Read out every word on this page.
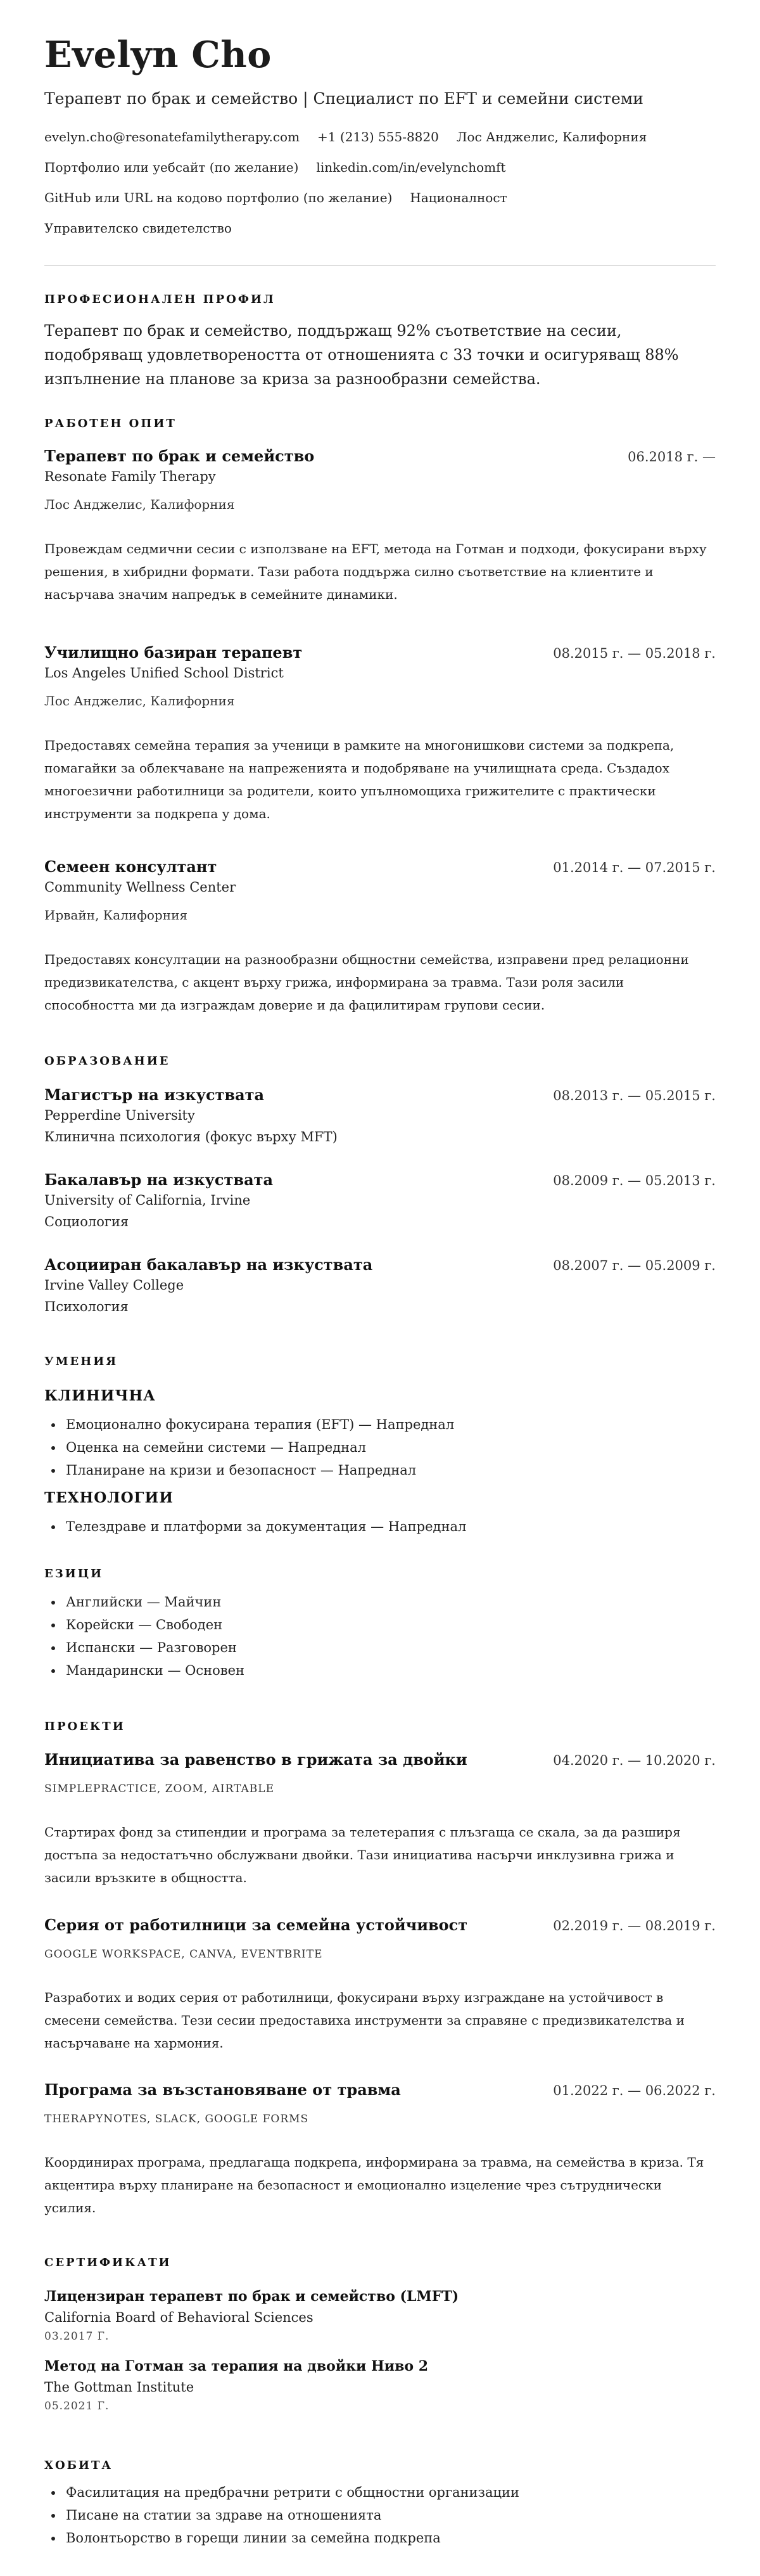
Evelyn Cho
Терапевт по брак и семейство | Специалист по EFT и семейни системи
evelyn.cho@resonatefamilytherapy.com +1 (213) 555-8820 Лос Анджелис, Калифорния
Портфолио или уебсайт (по желание) linkedin.com/in/evelynchomft
GitHub или URL на кодово портфолио (по желание) Националност
Управителско свидетелство
ПРОФЕСИОНАЛЕН ПРОФИЛ
Терапевт по брак и семейство, поддържащ 92% съответствие на сесии, подобряващ удовлетвореността от отношенията с 33 точки и осигуряващ 88% изпълнение на планове за криза за разнообразни семейства.
РАБОТЕН ОПИТ
Терапевт по брак и семейство	06.2018 г. —
Resonate Family Therapy
Лос Анджелис, Калифорния
Провеждам седмични сесии с използване на EFT, метода на Готман и подходи, фокусирани върху решения, в хибридни формати. Тази работа поддържа силно съответствие на клиентите и насърчава значим напредък в семейните динамики.
Училищно базиран терапевт	08.2015 г. — 05.2018 г.
Los Angeles Unified School District
Лос Анджелис, Калифорния
Предоставях семейна терапия за ученици в рамките на многонишкови системи за подкрепа, помагайки за облекчаване на напреженията и подобряване на училищната среда. Създадох многоезични работилници за родители, които упълномощиха грижителите с практически инструменти за подкрепа у дома.
Семеен консултант	01.2014 г. — 07.2015 г.
Community Wellness Center
Ирвайн, Калифорния
Предоставях консултации на разнообразни общностни семейства, изправени пред релационни предизвикателства, с акцент върху грижа, информирана за травма. Тази роля засили способността ми да изграждам доверие и да фацилитирам групови сесии.
ОБРАЗОВАНИЕ
Магистър на изкуствата	08.2013 г. — 05.2015 г.
Pepperdine University
Клинична психология (фокус върху MFT)
Бакалавър на изкуствата	08.2009 г. — 05.2013 г.
University of California, Irvine
Социология
Асоцииран бакалавър на изкуствата	08.2007 г. — 05.2009 г.
Irvine Valley College
Психология
УМЕНИЯ
КЛИНИЧНА
• Емоционално фокусирана терапия (EFT) — Напреднал
• Оценка на семейни системи — Напреднал
• Планиране на кризи и безопасност — Напреднал
ТЕХНОЛОГИИ
• Телездраве и платформи за документация — Напреднал
ЕЗИЦИ
• Английски — Майчин
• Корейски — Свободен
• Испански — Разговорен
• Мандарински — Основен
ПРОЕКТИ
Инициатива за равенство в грижата за двойки	04.2020 г. — 10.2020 г.
SIMPLEPRACTICE, ZOOM, AIRTABLE
Стартирах фонд за стипендии и програма за телетерапия с плъзгаща се скала, за да разширя достъпа за недостатъчно обслужвани двойки. Тази инициатива насърчи инклузивна грижа и засили връзките в общността.
Серия от работилници за семейна устойчивост	02.2019 г. — 08.2019 г.
GOOGLE WORKSPACE, CANVA, EVENTBRITE
Разработих и водих серия от работилници, фокусирани върху изграждане на устойчивост в смесени семейства. Тези сесии предоставиха инструменти за справяне с предизвикателства и насърчаване на хармония.
Програма за възстановяване от травма	01.2022 г. — 06.2022 г.
THERAPYNOTES, SLACK, GOOGLE FORMS
Координирах програма, предлагаща подкрепа, информирана за травма, на семейства в криза. Тя акцентира върху планиране на безопасност и емоционално изцеление чрез сътруднически усилия.
СЕРТИФИКАТИ
Лицензиран терапевт по брак и семейство (LMFT)
California Board of Behavioral Sciences
03.2017 Г.
Метод на Готман за терапия на двойки Ниво 2
The Gottman Institute
05.2021 Г.
ХОБИТА
• Фасилитация на предбрачни ретрити с общностни организации
• Писане на статии за здраве на отношенията
• Волонтьорство в горещи линии за семейна подкрепа
